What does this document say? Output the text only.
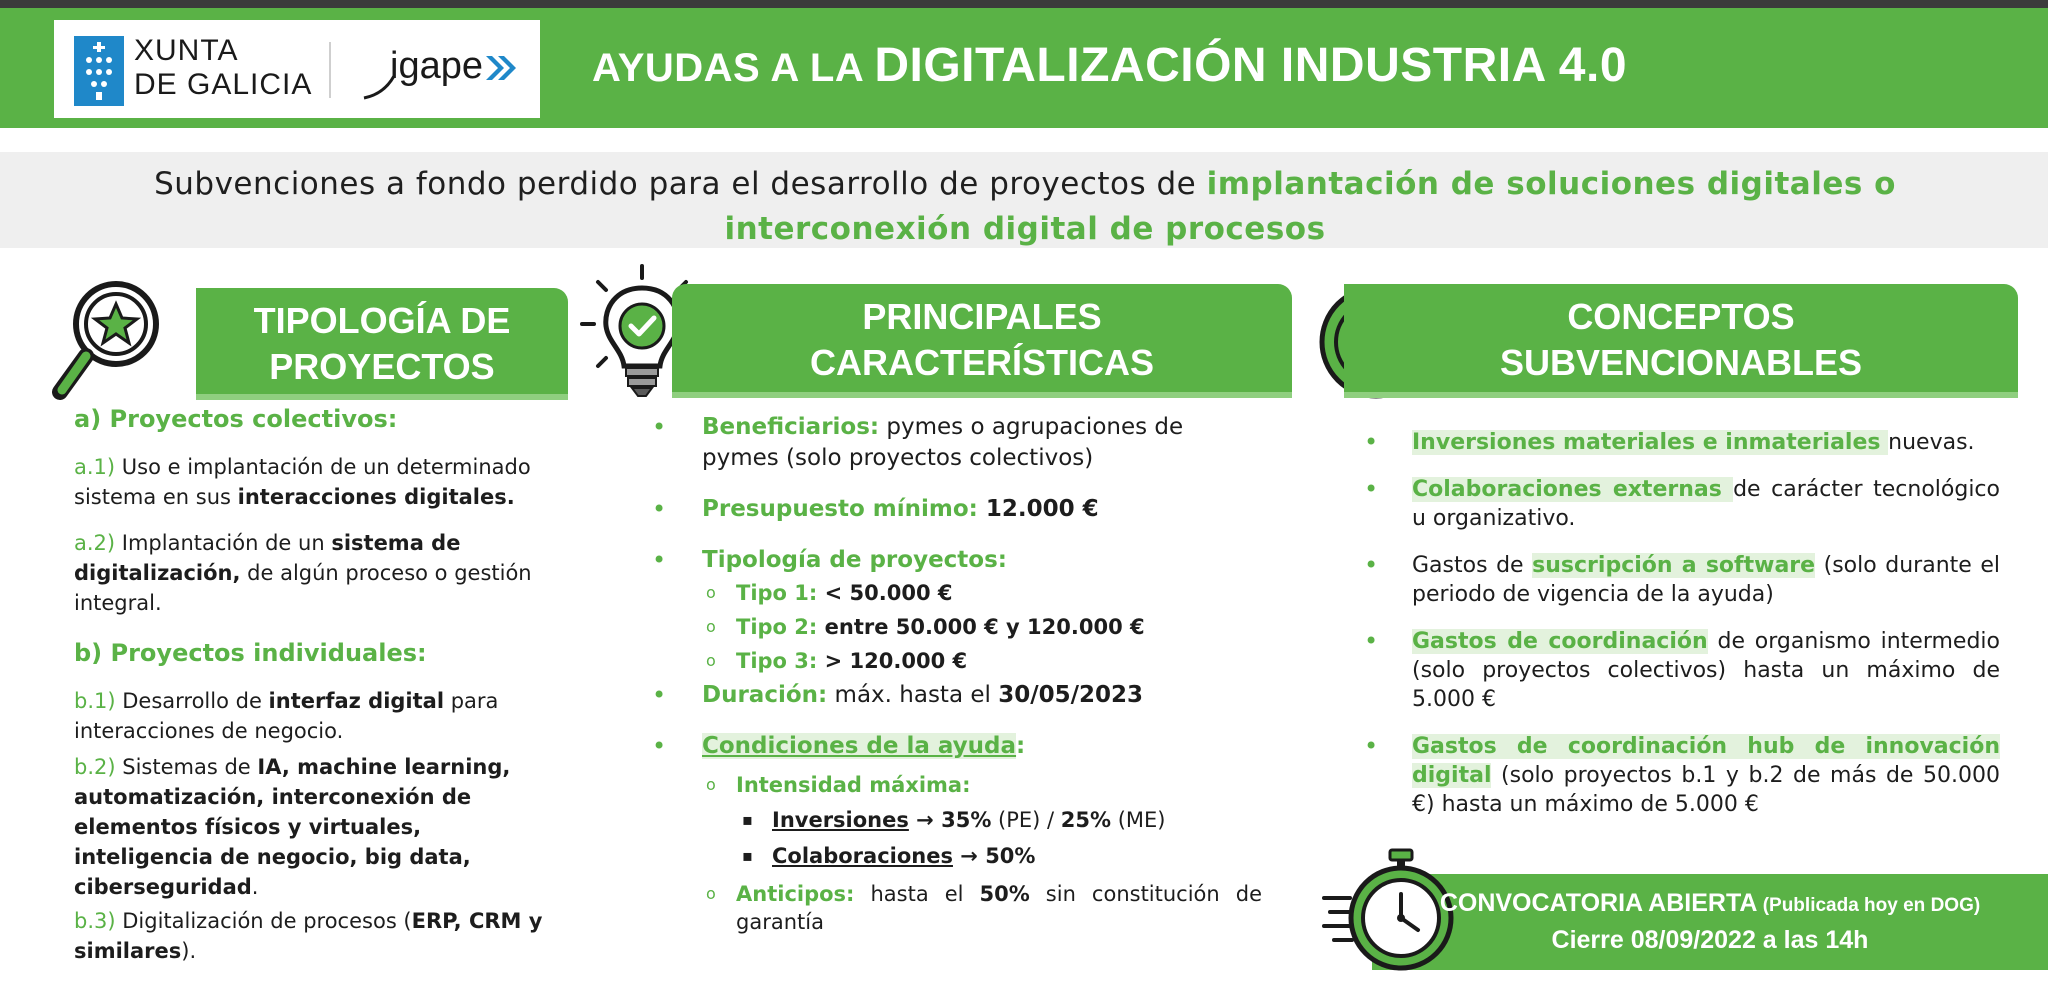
XUNTA
DE GALICIA igape	AYUDAS A LA DIGITALIZACIÓN INDUSTRIA 4.0
Subvenciones a fondo perdido para el desarrollo de proyectos de implantación de soluciones digitales o interconexión digital de procesos
TIPOLOGÍA DE
PROYECTOS
PRINCIPALES
CARACTERÍSTICAS
CONCEPTOS
SUBVENCIONABLES
a) Proyectos colectivos:
a.1) Uso e implantación de un determinado sistema en sus interacciones digitales.
a.2) Implantación de un sistema de digitalización, de algún proceso o gestión integral.
b) Proyectos individuales:
b.1) Desarrollo de interfaz digital para interacciones de negocio.
b.2) Sistemas de IA, machine learning, automatización, interconexión de elementos físicos y virtuales, inteligencia de negocio, big data, ciberseguridad.
b.3) Digitalización de procesos (ERP, CRM y similares).
• Beneficiarios: pymes o agrupaciones de pymes (solo proyectos colectivos)
• Presupuesto mínimo: 12.000 €
• Tipología de proyectos:
o Tipo 1: < 50.000 €
o Tipo 2: entre 50.000 € y 120.000 €
o Tipo 3: > 120.000 €
• Duración: máx. hasta el 30/05/2023
• Condiciones de la ayuda:
o Intensidad máxima:
▪ Inversiones → 35% (PE) / 25% (ME)
▪ Colaboraciones → 50%
o Anticipos: hasta el 50% sin constitución de garantía
• Inversiones materiales e inmateriales nuevas.
• Colaboraciones externas de carácter tecnológico u organizativo.
• Gastos de suscripción a software (solo durante el periodo de vigencia de la ayuda)
• Gastos de coordinación de organismo intermedio (solo proyectos colectivos) hasta un máximo de 5.000 €
• Gastos de coordinación hub de innovación digital (solo proyectos b.1 y b.2 de más de 50.000 €) hasta un máximo de 5.000 €
CONVOCATORIA ABIERTA (Publicada hoy en DOG)
Cierre 08/09/2022 a las 14h
